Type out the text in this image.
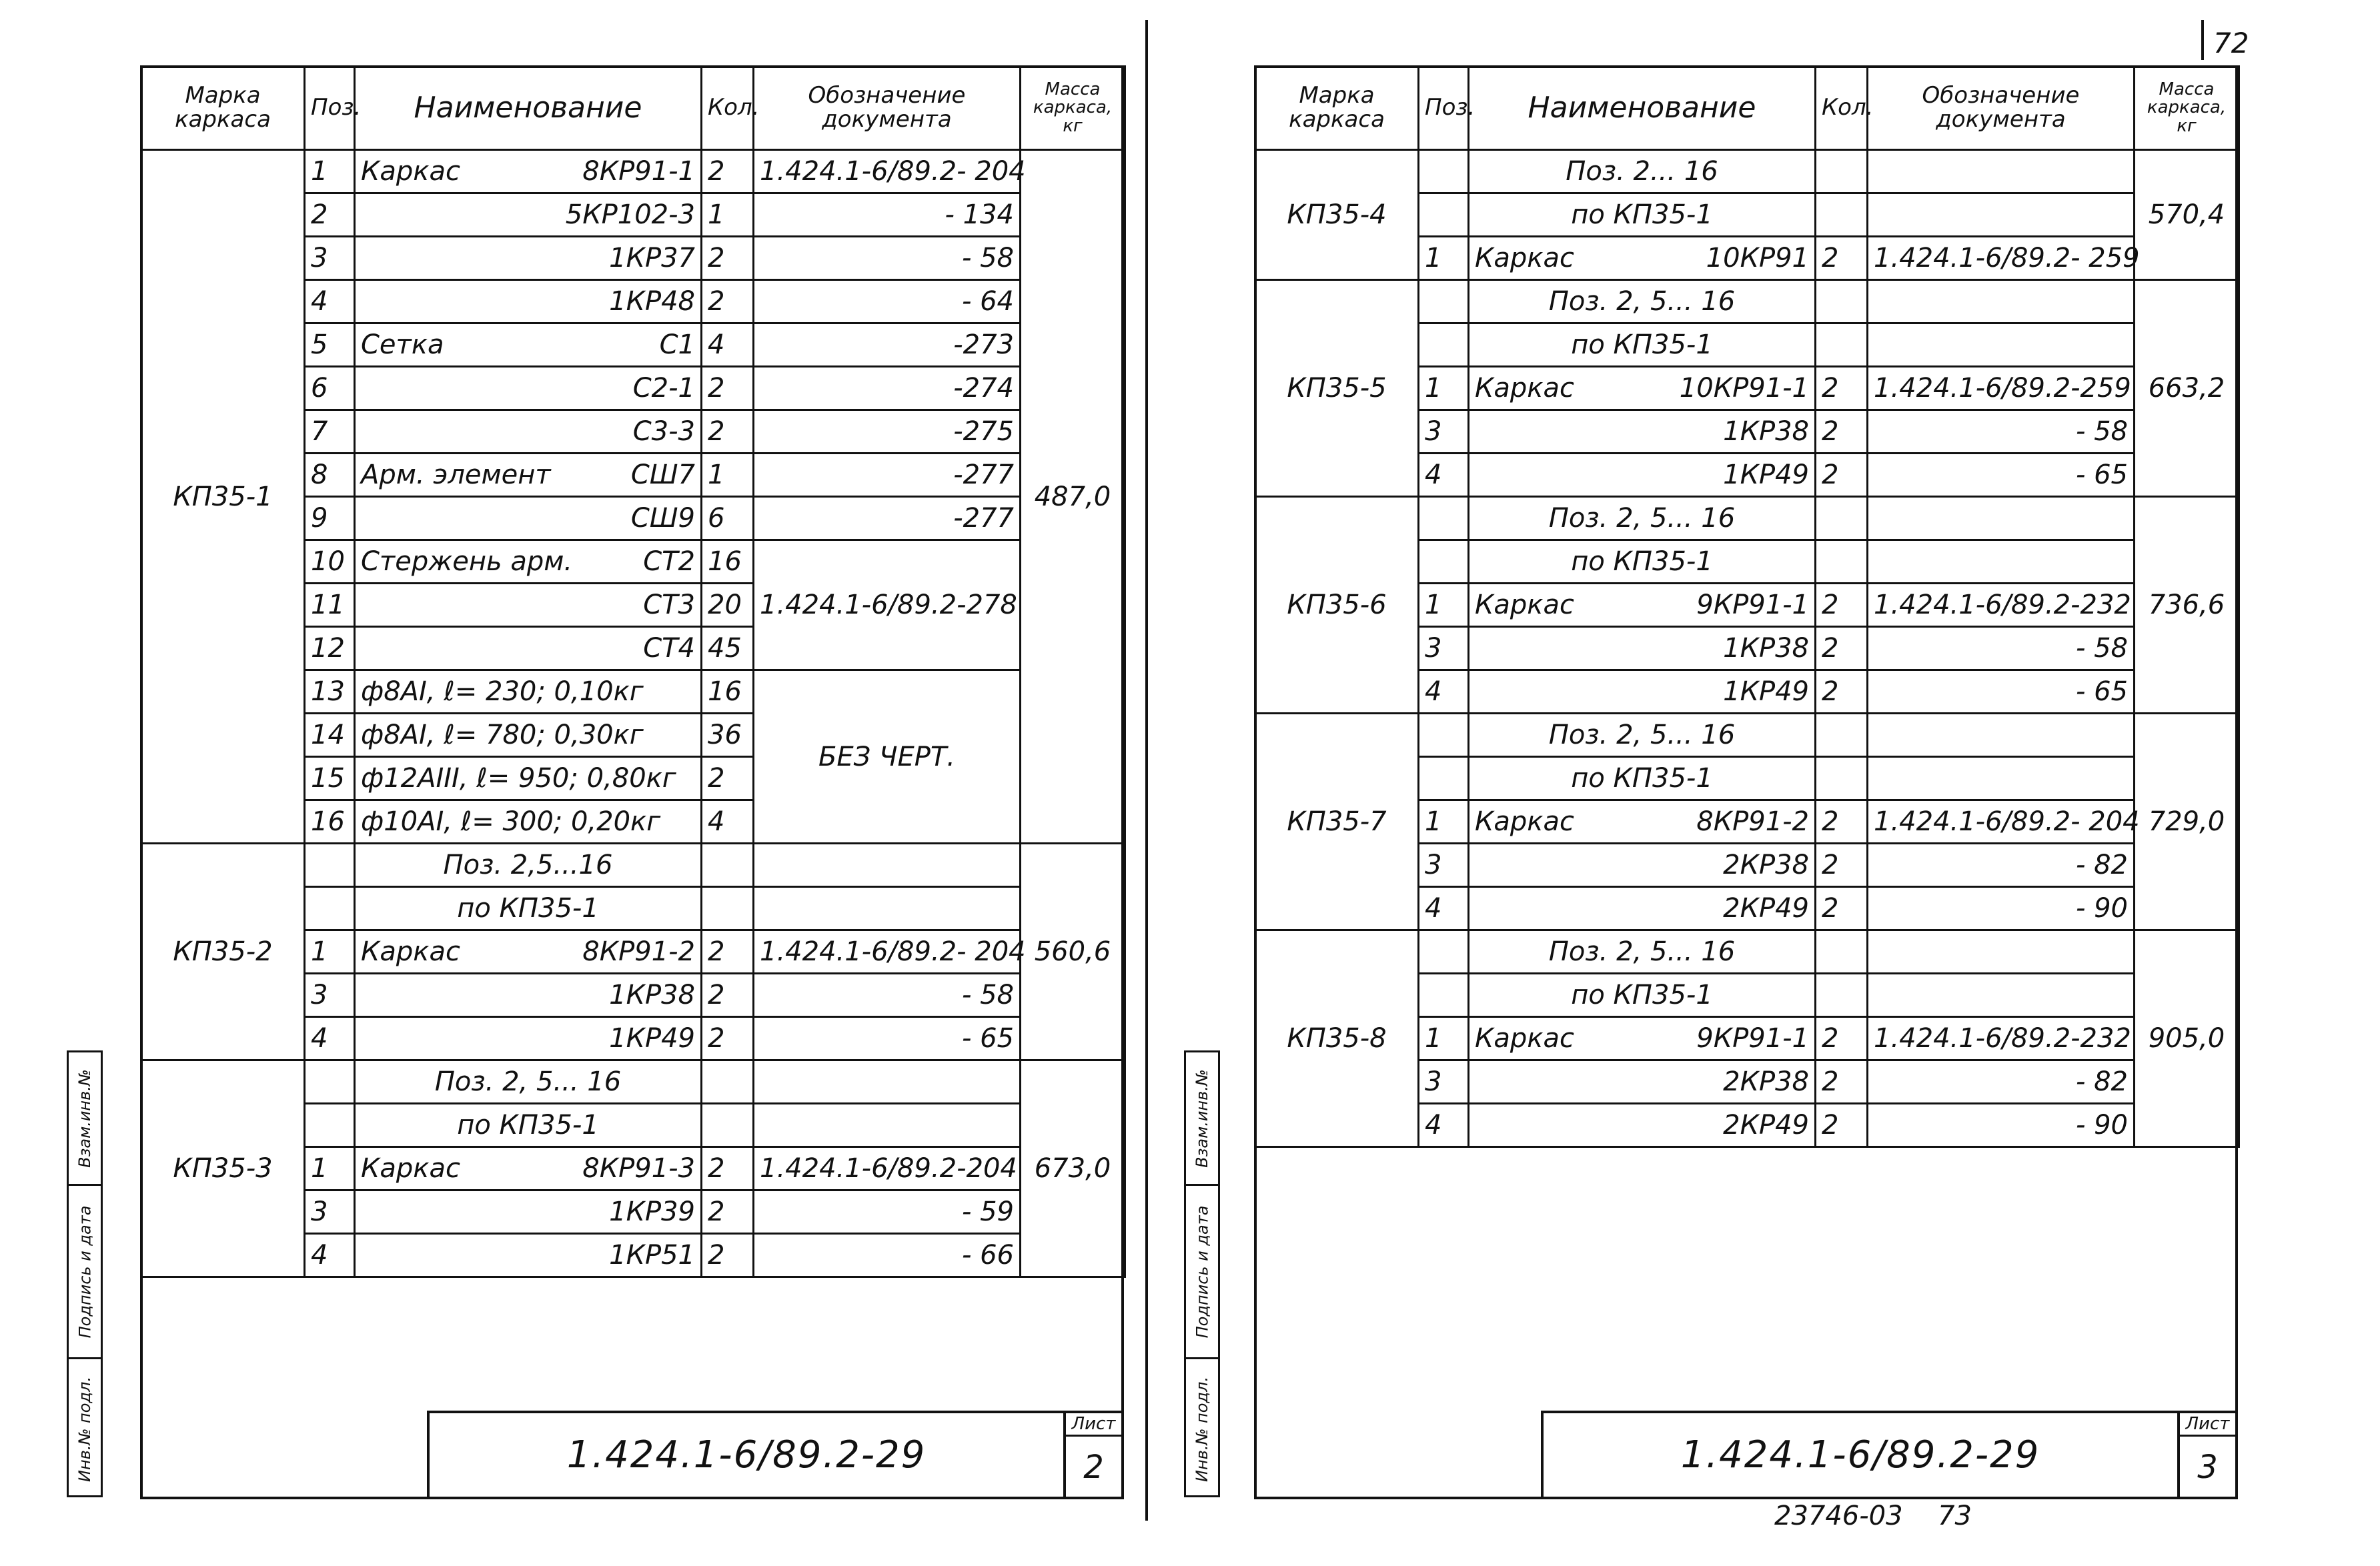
72
Взам.инв.№
Подпись и дата
Инв.№ подл.
Марка каркаса	Поз.	Наименование	Кол.	Обозначение документа	Масса каркаса, кг
КП35-1	1	Каркас 8КР91-1	2	1.424.1-6/89.2- 204	487,0
	2	5КР102-3	1	- 134	
	3	1КР37	2	- 58	
	4	1КР48	2	- 64	
	5	Сетка С1	4	-273	
	6	С2-1	2	-274	
	7	С3-3	2	-275	
	8	Арм. элемент СШ7	1	-277	
	9	СШ9	6	-277	
	10	Стержень арм. СТ2	16	1.424.1-6/89.2-278	
	11	СТ3	20		
	12	СТ4	45		
	13	ф8АI, ℓ= 230; 0,10кг	16	БЕЗ ЧЕРТ.	
	14	ф8АI, ℓ= 780; 0,30кг	36		
	15	ф12АIII, ℓ= 950; 0,80кг	2		
	16	ф10АI, ℓ= 300; 0,20кг	4		
КП35-2		Поз. 2,5...16			560,6
		по КП35-1			
	1	Каркас 8КР91-2	2	1.424.1-6/89.2- 204	
	3	1КР38	2	- 58	
	4	1КР49	2	- 65	
КП35-3		Поз. 2, 5... 16			673,0
		по КП35-1			
	1	Каркас 8КР91-3	2	1.424.1-6/89.2-204	
	3	1КР39	2	- 59	
	4	1КР51	2	- 66	
1.424.1-6/89.2-29
Лист
2
Взам.инв.№
Подпись и дата
Инв.№ подл.
Марка каркаса	Поз.	Наименование	Кол.	Обозначение документа	Масса каркаса, кг
КП35-4		Поз. 2... 16			570,4
		по КП35-1			
	1	Каркас 10КР91	2	1.424.1-6/89.2- 259	
КП35-5		Поз. 2, 5... 16			663,2
		по КП35-1			
	1	Каркас 10КР91-1	2	1.424.1-6/89.2-259	
	3	1КР38	2	- 58	
	4	1КР49	2	- 65	
КП35-6		Поз. 2, 5... 16			736,6
		по КП35-1			
	1	Каркас 9КР91-1	2	1.424.1-6/89.2-232	
	3	1КР38	2	- 58	
	4	1КР49	2	- 65	
КП35-7		Поз. 2, 5... 16			729,0
		по КП35-1			
	1	Каркас 8КР91-2	2	1.424.1-6/89.2- 204	
	3	2КР38	2	- 82	
	4	2КР49	2	- 90	
КП35-8		Поз. 2, 5... 16			905,0
		по КП35-1			
	1	Каркас 9КР91-1	2	1.424.1-6/89.2-232	
	3	2КР38	2	- 82	
	4	2КР49	2	- 90	
1.424.1-6/89.2-29
Лист
3
23746-03 73
